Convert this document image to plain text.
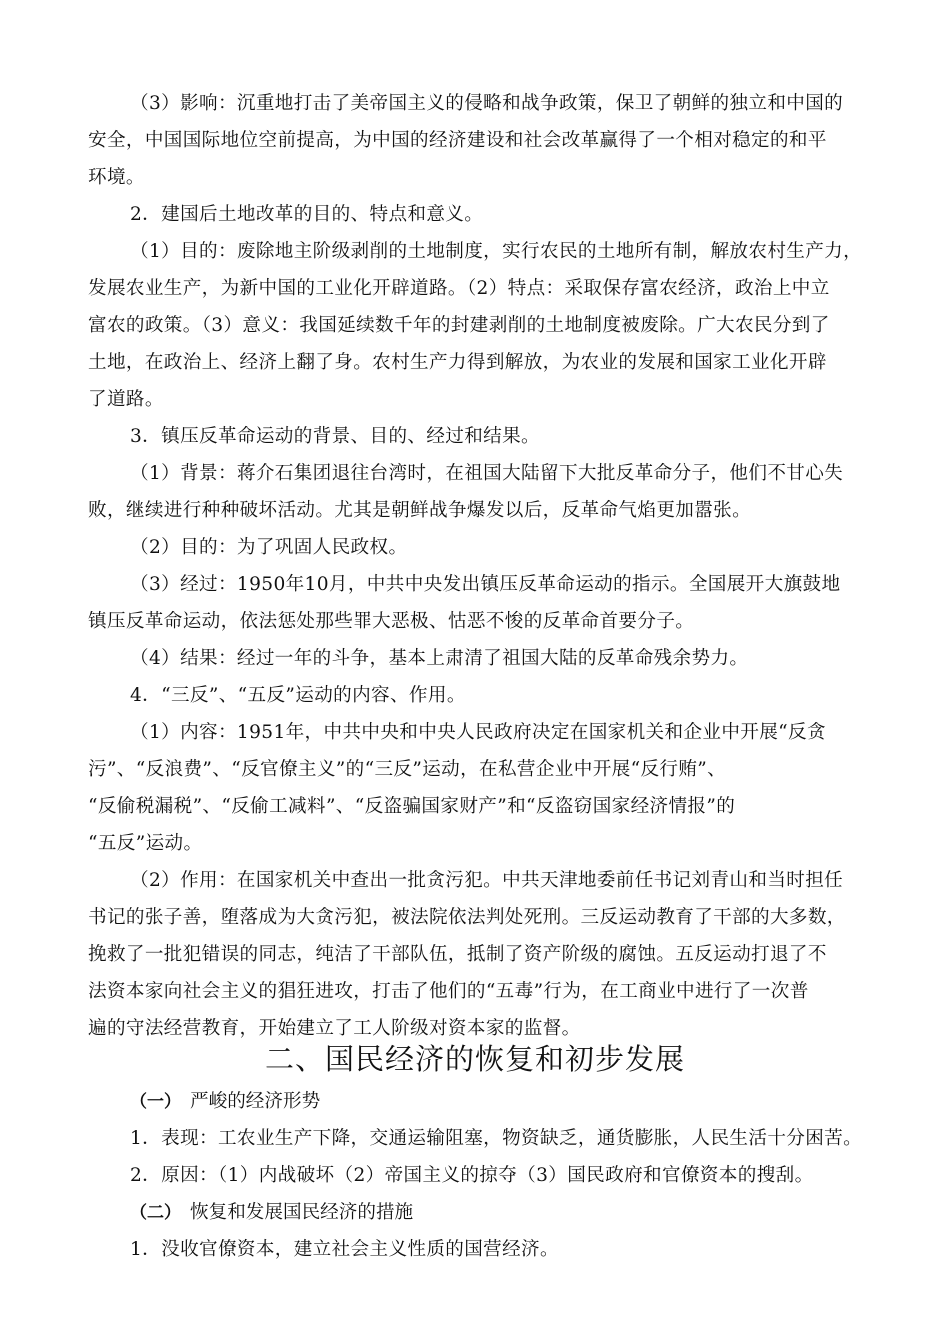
（3）影响：沉重地打击了美帝国主义的侵略和战争政策，保卫了朝鲜的独立和中国的
安全，中国国际地位空前提高，为中国的经济建设和社会改革赢得了一个相对稳定的和平
环境。
2．建国后土地改革的目的、特点和意义。
（1）目的：废除地主阶级剥削的土地制度，实行农民的土地所有制，解放农村生产力，
发展农业生产，为新中国的工业化开辟道路。（2）特点：采取保存富农经济，政治上中立
富农的政策。（3）意义：我国延续数千年的封建剥削的土地制度被废除。广大农民分到了
土地，在政治上、经济上翻了身。农村生产力得到解放，为农业的发展和国家工业化开辟
了道路。
3．镇压反革命运动的背景、目的、经过和结果。
（1）背景：蒋介石集团退往台湾时，在祖国大陆留下大批反革命分子，他们不甘心失
败，继续进行种种破坏活动。尤其是朝鲜战争爆发以后，反革命气焰更加嚣张。
（2）目的：为了巩固人民政权。
（3）经过：1950年10月，中共中央发出镇压反革命运动的指示。全国展开大旗鼓地
镇压反革命运动，依法惩处那些罪大恶极、怙恶不悛的反革命首要分子。
（4）结果：经过一年的斗争，基本上肃清了祖国大陆的反革命残余势力。
4．“三反”、“五反”运动的内容、作用。
（1）内容：1951年，中共中央和中央人民政府决定在国家机关和企业中开展“反贪
污”、“反浪费”、“反官僚主义”的“三反”运动，在私营企业中开展“反行贿”、
“反偷税漏税”、“反偷工减料”、“反盗骗国家财产”和“反盗窃国家经济情报”的
“五反”运动。
（2）作用：在国家机关中查出一批贪污犯。中共天津地委前任书记刘青山和当时担任
书记的张子善，堕落成为大贪污犯，被法院依法判处死刑。三反运动教育了干部的大多数，
挽救了一批犯错误的同志，纯洁了干部队伍，抵制了资产阶级的腐蚀。五反运动打退了不
法资本家向社会主义的猖狂进攻，打击了他们的“五毒”行为，在工商业中进行了一次普
遍的守法经营教育，开始建立了工人阶级对资本家的监督。
二、国民经济的恢复和初步发展
（一） 严峻的经济形势
1．表现：工农业生产下降，交通运输阻塞，物资缺乏，通货膨胀，人民生活十分困苦。
2．原因：（1）内战破坏（2）帝国主义的掠夺（3）国民政府和官僚资本的搜刮。
（二） 恢复和发展国民经济的措施
1．没收官僚资本，建立社会主义性质的国营经济。
